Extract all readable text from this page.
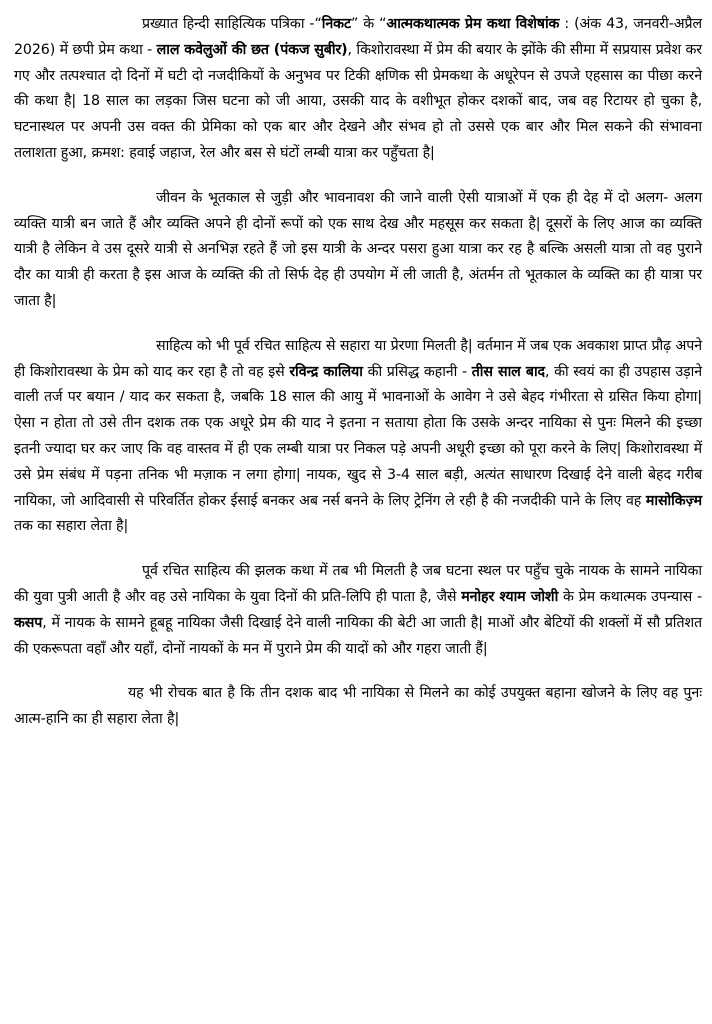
प्रख्यात हिन्दी साहित्यिक पत्रिका -“निकट” के “आत्मकथात्मक प्रेम कथा विशेषांक : (अंक 43, जनवरी-अप्रैल 2026) में छपी प्रेम कथा - लाल कवेलुओं की छत (पंकज सुबीर), किशोरावस्था में प्रेम की बयार के झोंके की सीमा में सप्रयास प्रवेश कर गए और तत्पश्चात दो दिनों में घटी दो नजदीकियों के अनुभव पर टिकी क्षणिक सी प्रेमकथा के अधूरेपन से उपजे एहसास का पीछा करने की कथा है| 18 साल का लड़का जिस घटना को जी आया, उसकी याद के वशीभूत होकर दशकों बाद, जब वह रिटायर हो चुका है, घटनास्थल पर अपनी उस वक्त की प्रेमिका को एक बार और देखने और संभव हो तो उससे एक बार और मिल सकने की संभावना तलाशता हुआ, क्रमश: हवाई जहाज, रेल और बस से घंटों लम्बी यात्रा कर पहुँचता है|

जीवन के भूतकाल से जुड़ी और भावनावश की जाने वाली ऐसी यात्राओं में एक ही देह में दो अलग- अलग व्यक्ति यात्री बन जाते हैं और व्यक्ति अपने ही दोनों रूपों को एक साथ देख और महसूस कर सकता है| दूसरों के लिए आज का व्यक्ति यात्री है लेकिन वे उस दूसरे यात्री से अनभिज्ञ रहते हैं जो इस यात्री के अन्दर पसरा हुआ यात्रा कर रह है बल्कि असली यात्रा तो वह पुराने दौर का यात्री ही करता है इस आज के व्यक्ति की तो सिर्फ देह ही उपयोग में ली जाती है, अंतर्मन तो भूतकाल के व्यक्ति का ही यात्रा पर जाता है|

साहित्य को भी पूर्व रचित साहित्य से सहारा या प्रेरणा मिलती है| वर्तमान में जब एक अवकाश प्राप्त प्रौढ़ अपने ही किशोरावस्था के प्रेम को याद कर रहा है तो वह इसे रविन्द्र कालिया की प्रसिद्ध कहानी - तीस साल बाद, की स्वयं का ही उपहास उड़ाने वाली तर्ज पर बयान / याद कर सकता है, जबकि 18 साल की आयु में भावनाओं के आवेग ने उसे बेहद गंभीरता से ग्रसित किया होगा| ऐसा न होता तो उसे तीन दशक तक एक अधूरे प्रेम की याद ने इतना न सताया होता कि उसके अन्दर नायिका से पुनः मिलने की इच्छा इतनी ज्यादा घर कर जाए कि वह वास्तव में ही एक लम्बी यात्रा पर निकल पड़े अपनी अधूरी इच्छा को पूरा करने के लिए| किशोरावस्था में उसे प्रेम संबंध में पड़ना तनिक भी मज़ाक न लगा होगा| नायक, खुद से 3-4 साल बड़ी, अत्यंत साधारण दिखाई देने वाली बेहद गरीब नायिका, जो आदिवासी से परिवर्तित होकर ईसाई बनकर अब नर्स बनने के लिए ट्रेनिंग ले रही है की नजदीकी पाने के लिए वह मासोकिज़्म तक का सहारा लेता है|

पूर्व रचित साहित्य की झलक कथा में तब भी मिलती है जब घटना स्थल पर पहुँच चुके नायक के सामने नायिका की युवा पुत्री आती है और वह उसे नायिका के युवा दिनों की प्रति-लिपि ही पाता है, जैसे मनोहर श्याम जोशी के प्रेम कथात्मक उपन्यास - कसप, में नायक के सामने हूबहू नायिका जैसी दिखाई देने वाली नायिका की बेटी आ जाती है| माओं और बेटियों की शक्लों में सौ प्रतिशत की एकरूपता वहाँ और यहाँ, दोनों नायकों के मन में पुराने प्रेम की यादों को और गहरा जाती हैं|

यह भी रोचक बात है कि तीन दशक बाद भी नायिका से मिलने का कोई उपयुक्त बहाना खोजने के लिए वह पुनः आत्म-हानि का ही सहारा लेता है|
